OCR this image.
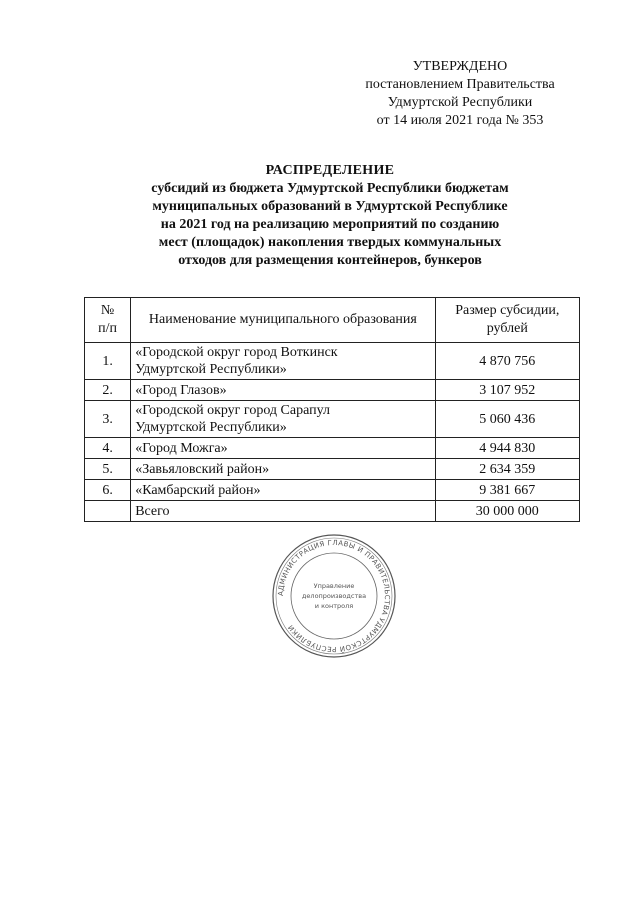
УТВЕРЖДЕНО
постановлением Правительства
Удмуртской Республики
от 14 июля 2021 года № 353
РАСПРЕДЕЛЕНИЕ
субсидий из бюджета Удмуртской Республики бюджетам
муниципальных образований в Удмуртской Республике
на 2021 год на реализацию мероприятий по созданию
мест (площадок) накопления твердых коммунальных
отходов для размещения контейнеров, бункеров
№
п/п	Наименование муниципального образования	Размер субсидии,
рублей
1.	«Городской округ город Воткинск
Удмуртской Республики»	4 870 756
2.	«Город Глазов»	3 107 952
3.	«Городской округ город Сарапул
Удмуртской Республики»	5 060 436
4.	«Город Можга»	4 944 830
5.	«Завьяловский район»	2 634 359
6.	«Камбарский район»	9 381 667
	Всего	30 000 000
АДМИНИСТРАЦИЯ ГЛАВЫ И ПРАВИТЕЛЬСТВА УДМУРТСКОЙ РЕСПУБЛИКИ
Управление
делопроизводства
и контроля
